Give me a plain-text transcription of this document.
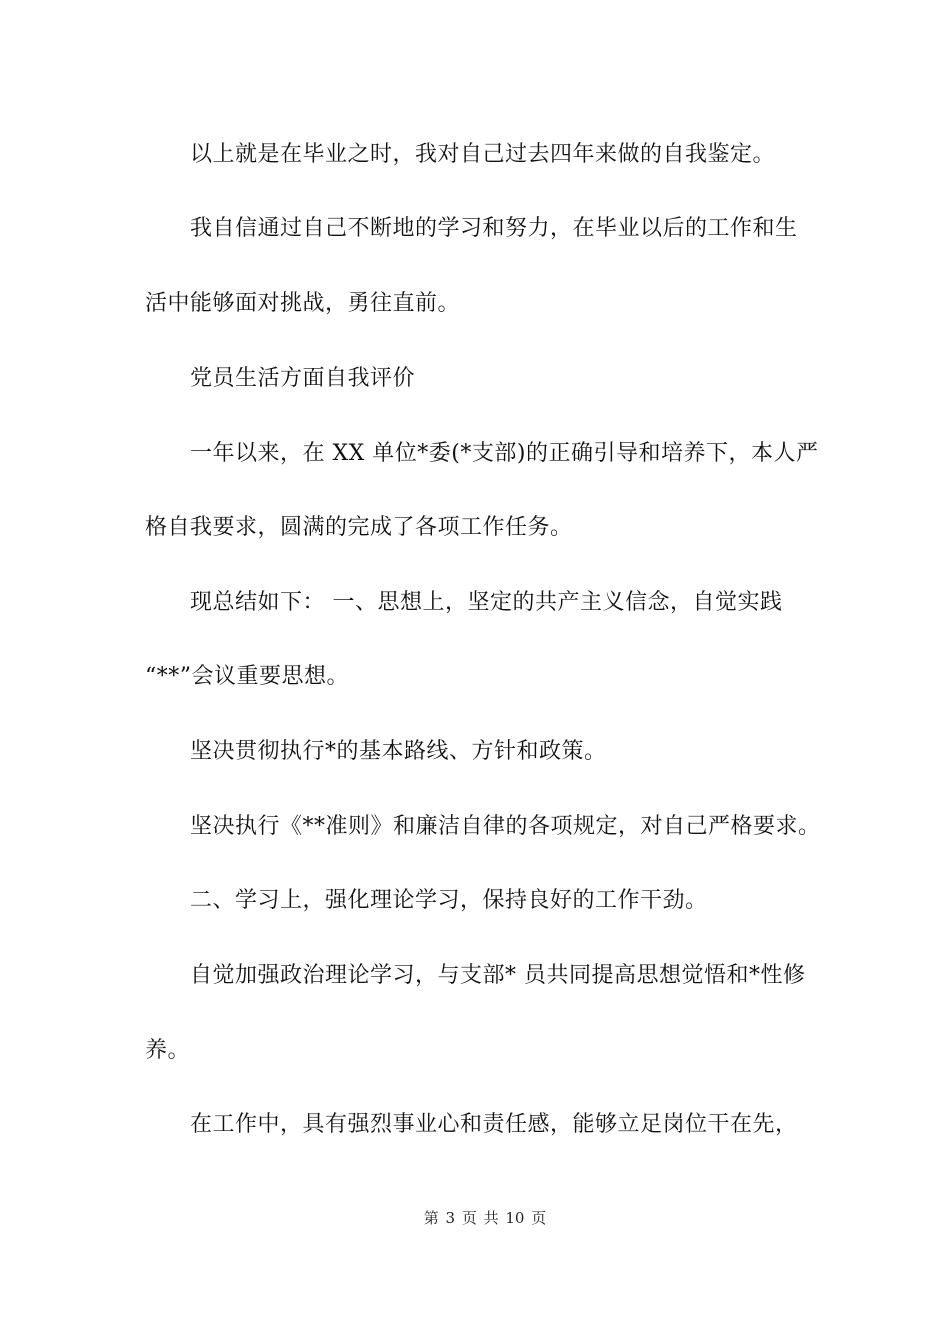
以上就是在毕业之时，我对自己过去四年来做的自我鉴定。
我自信通过自己不断地的学习和努力，在毕业以后的工作和生
活中能够面对挑战，勇往直前。
党员生活方面自我评价
一年以来，在 XX 单位*委(*支部)的正确引导和培养下，本人严
格自我要求，圆满的完成了各项工作任务。
现总结如下： 一、思想上，坚定的共产主义信念，自觉实践
“**”会议重要思想。
坚决贯彻执行*的基本路线、方针和政策。
坚决执行《**准则》和廉洁自律的各项规定，对自己严格要求。
二、学习上，强化理论学习，保持良好的工作干劲。
自觉加强政治理论学习，与支部* 员共同提高思想觉悟和*性修
养。
在工作中，具有强烈事业心和责任感，能够立足岗位干在先，
第 3 页 共 10 页
